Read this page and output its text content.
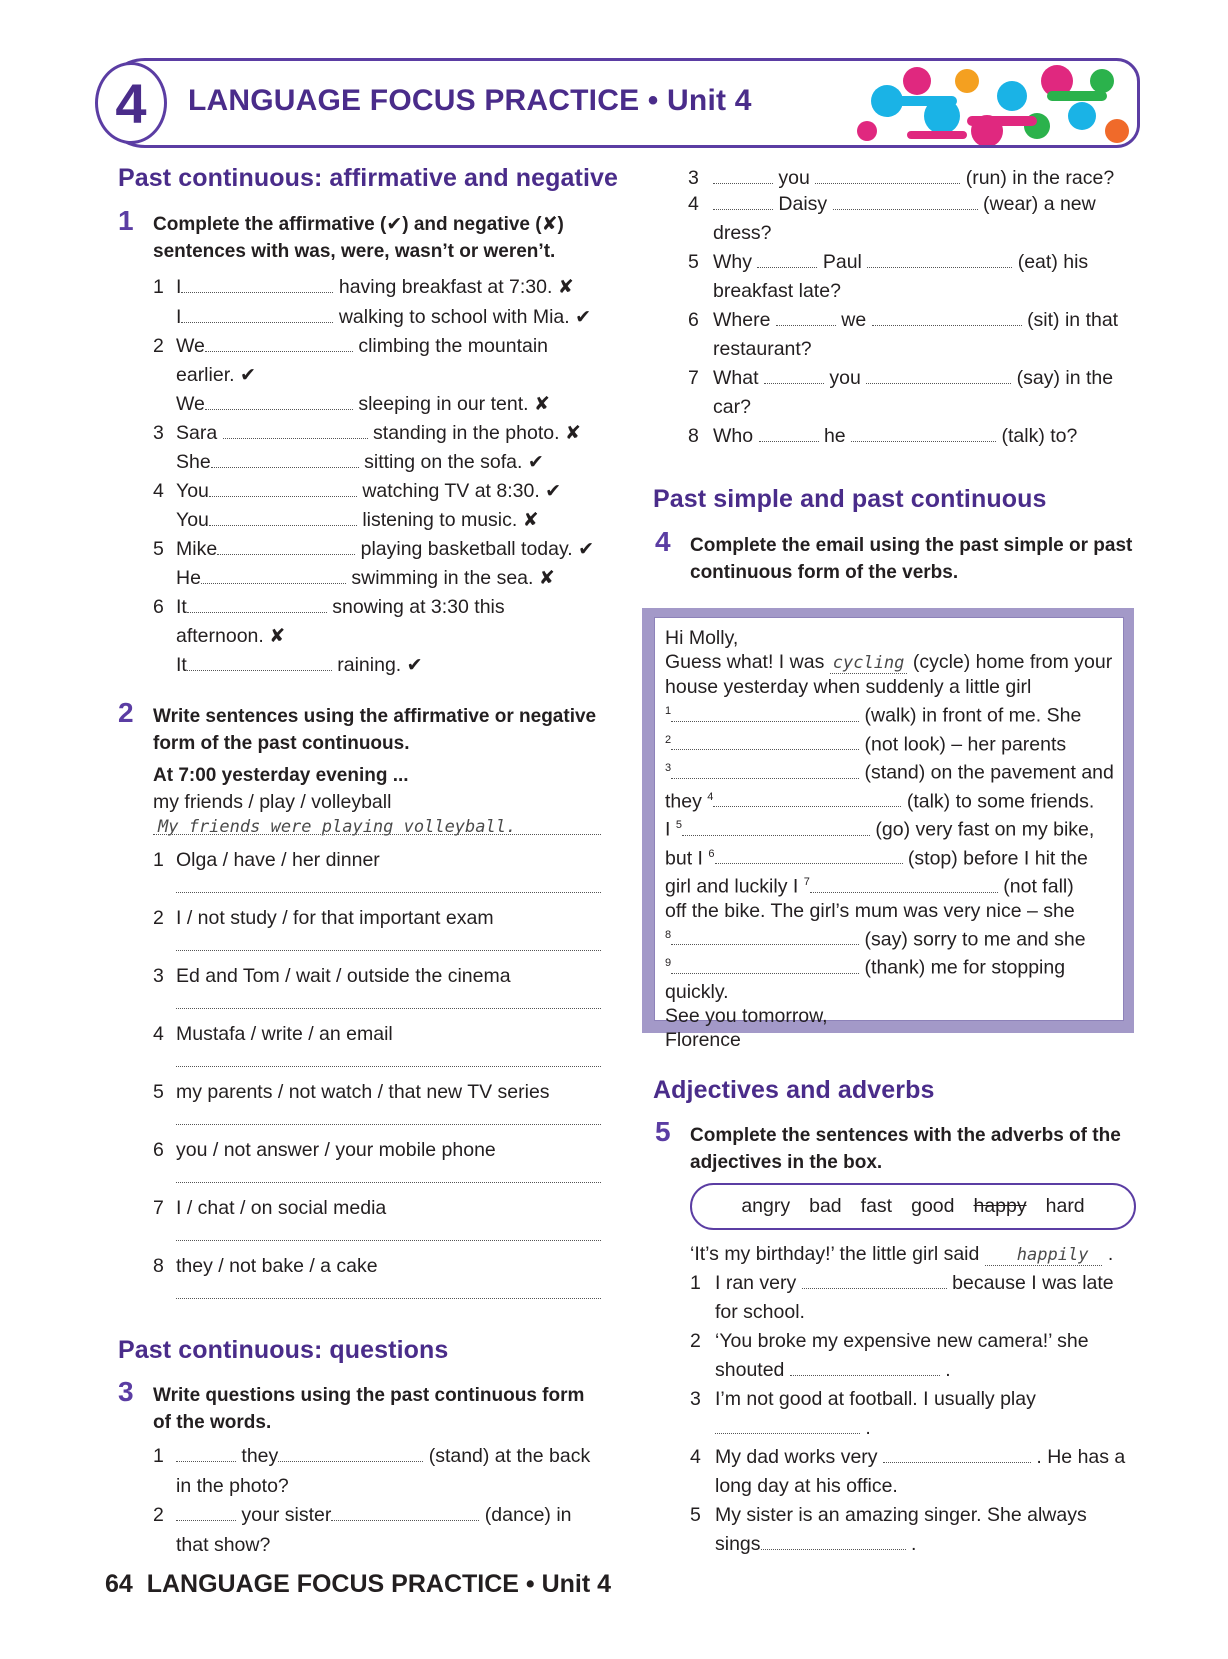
4	LANGUAGE FOCUS PRACTICE • Unit 4
Past continuous: affirmative and negative
1 Complete the affirmative (✔) and negative (✘)
sentences with was, were, wasn’t or weren’t.
1 I	having breakfast at 7:30. ✘
I	walking to school with Mia. ✔
2 We	climbing the mountain
earlier. ✔
We	sleeping in our tent. ✘
3 Sara	standing in the photo. ✘
She	sitting on the sofa. ✔
4 You	watching TV at 8:30. ✔
You	listening to music. ✘
5 Mike	playing basketball today. ✔
He	swimming in the sea. ✘
6 It	snowing at 3:30 this
afternoon. ✘
It	raining. ✔
2 Write sentences using the affirmative or negative
form of the past continuous.
At 7:00 yesterday evening ...
my friends / play / volleyball
My friends were playing volleyball.
1 Olga / have / her dinner
2 I / not study / for that important exam
3 Ed and Tom / wait / outside the cinema
4 Mustafa / write / an email
5 my parents / not watch / that new TV series
6 you / not answer / your mobile phone
7 I / chat / on social media
8 they / not bake / a cake
Past continuous: questions
3 Write questions using the past continuous form
of the words.
1	they	(stand) at the back
in the photo?
2	your sister	(dance) in
that show?
3	you	(run) in the race?
4	Daisy	(wear) a new
dress?
5 Why	Paul	(eat) his
breakfast late?
6 Where	we	(sit) in that
restaurant?
7 What	you	(say) in the
car?
8 Who	he	(talk) to?
Past simple and past continuous
4 Complete the email using the past simple or past
continuous form of the verbs.
Hi Molly,
Guess what! I was cycling (cycle) home from your
house yesterday when suddenly a little girl
$^1$	(walk) in front of me. She
$^2$	(not look) – her parents
$^3$	(stand) on the pavement and
they $^4$	(talk) to some friends.
I $^5$	(go) very fast on my bike,
but I $^6$	(stop) before I hit the
girl and luckily I $^7$	(not fall)
off the bike. The girl’s mum was very nice – she
$^8$	(say) sorry to me and she
$^9$	(thank) me for stopping
quickly.
See you tomorrow,
Florence
Adjectives and adverbs
5 Complete the sentences with the adverbs of the
adjectives in the box.
angry bad fast good happy hard
‘It’s my birthday!’ the little girl said happily .
1 I ran very	because I was late
for school.
2 ‘You broke my expensive new camera!’ she
shouted	.
3 I’m not good at football. I usually play
.
4 My dad works very	. He has a
long day at his office.
5 My sister is an amazing singer. She always
sings	.
64 LANGUAGE FOCUS PRACTICE • Unit 4
